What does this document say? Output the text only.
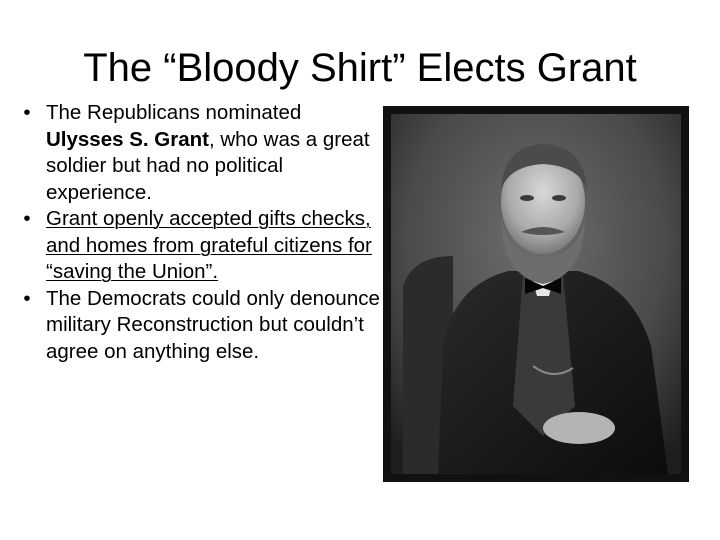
The “Bloody Shirt” Elects Grant
• The Republicans nominated Ulysses S. Grant, who was a great soldier but had no political experience.
• Grant openly accepted gifts checks, and homes from grateful citizens for “saving the Union”.
• The Democrats could only denounce military Reconstruction but couldn’t agree on anything else.
